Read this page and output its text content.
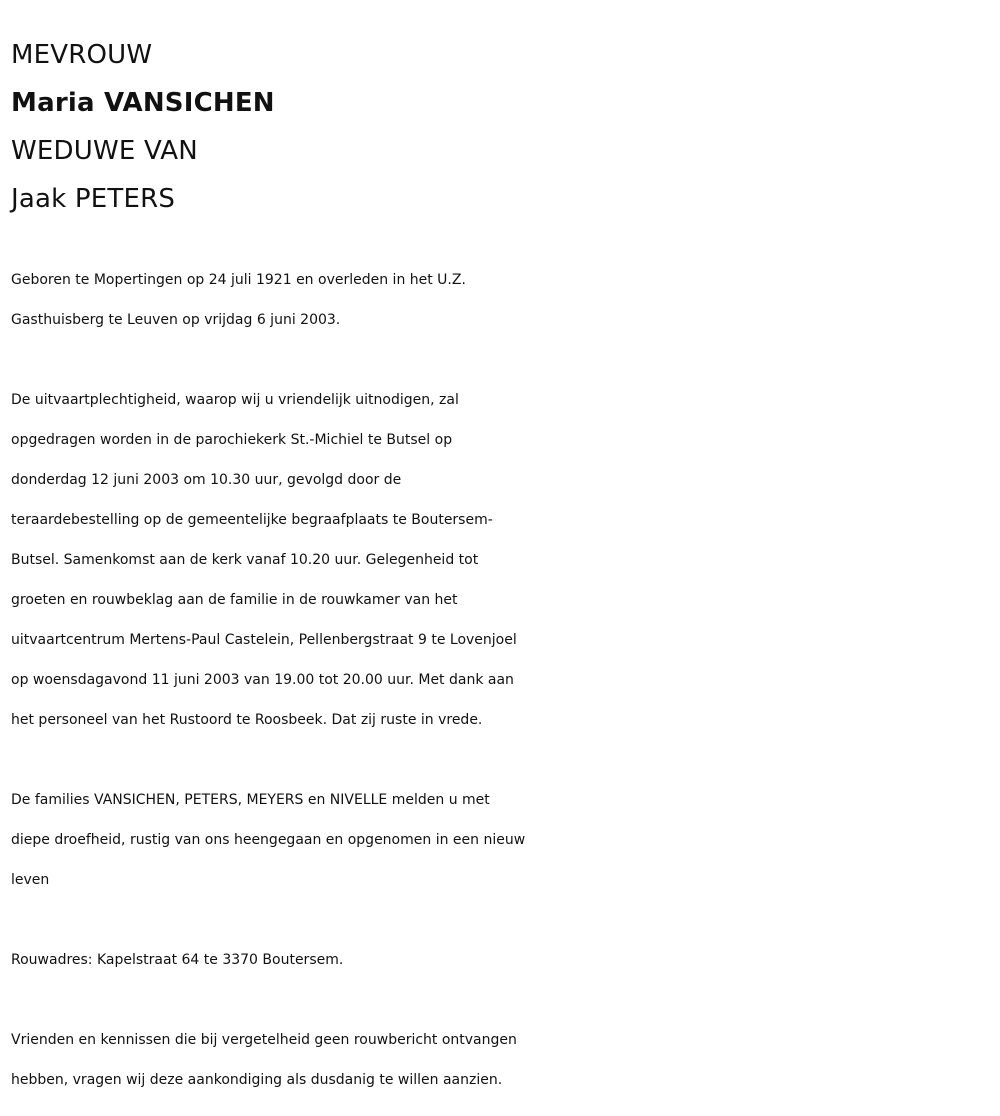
MEVROUW
Maria VANSICHEN
WEDUWE VAN
Jaak PETERS

Geboren te Mopertingen op 24 juli 1921 en overleden in het U.Z.
Gasthuisberg te Leuven op vrijdag 6 juni 2003.

De uitvaartplechtigheid, waarop wij u vriendelijk uitnodigen, zal
opgedragen worden in de parochiekerk St.-Michiel te Butsel op
donderdag 12 juni 2003 om 10.30 uur, gevolgd door de
teraardebestelling op de gemeentelijke begraafplaats te Boutersem-
Butsel. Samenkomst aan de kerk vanaf 10.20 uur. Gelegenheid tot
groeten en rouwbeklag aan de familie in de rouwkamer van het
uitvaartcentrum Mertens-Paul Castelein, Pellenbergstraat 9 te Lovenjoel
op woensdagavond 11 juni 2003 van 19.00 tot 20.00 uur. Met dank aan
het personeel van het Rustoord te Roosbeek. Dat zij ruste in vrede.

De families VANSICHEN, PETERS, MEYERS en NIVELLE melden u met
diepe droefheid, rustig van ons heengegaan en opgenomen in een nieuw
leven

Rouwadres: Kapelstraat 64 te 3370 Boutersem.

Vrienden en kennissen die bij vergetelheid geen rouwbericht ontvangen
hebben, vragen wij deze aankondiging als dusdanig te willen aanzien.
